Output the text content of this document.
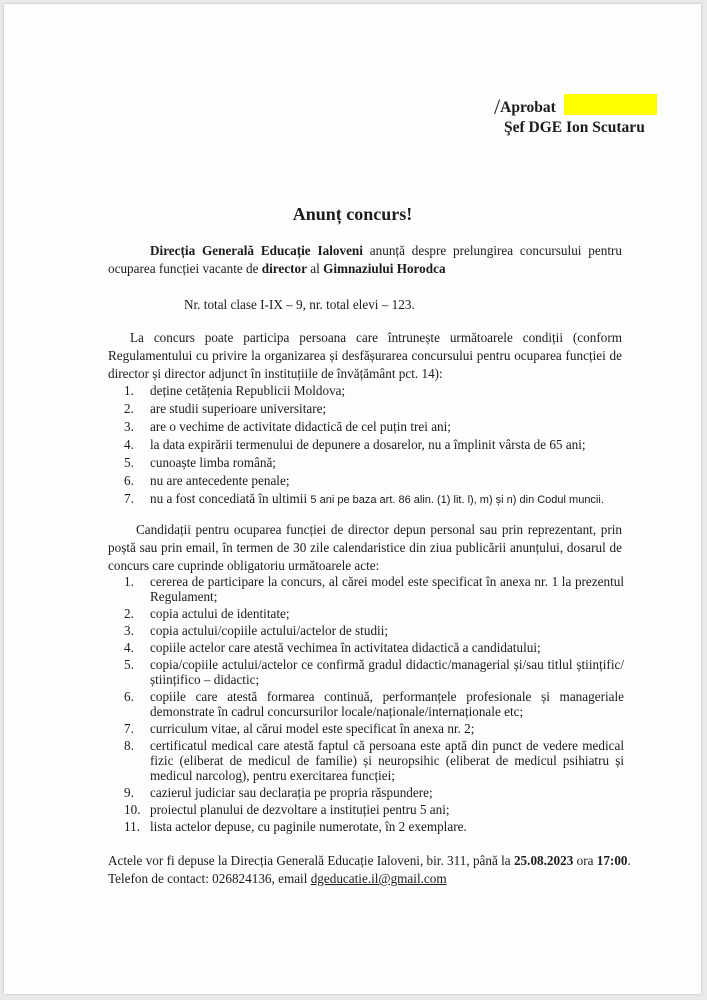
/Aprobat
Şef DGE Ion Scutaru
Anunț concurs!
Direcția Generală Educație Ialoveni anunță despre prelungirea concursului pentru ocuparea funcției vacante de director al Gimnaziului Horodca
Nr. total clase I-IX – 9, nr. total elevi – 123.
La concurs poate participa persoana care întrunește următoarele condiții (conform Regulamentului cu privire la organizarea și desfășurarea concursului pentru ocuparea funcției de director și director adjunct în instituțiile de învățământ pct. 14):
1. deține cetățenia Republicii Moldova;
2. are studii superioare universitare;
3. are o vechime de activitate didactică de cel puțin trei ani;
4. la data expirării termenului de depunere a dosarelor, nu a împlinit vârsta de 65 ani;
5. cunoaște limba română;
6. nu are antecedente penale;
7. nu a fost concediată în ultimii 5 ani pe baza art. 86 alin. (1) lit. l), m) și n) din Codul muncii.
Candidații pentru ocuparea funcției de director depun personal sau prin reprezentant, prin poștă sau prin email, în termen de 30 zile calendaristice din ziua publicării anunțului, dosarul de concurs care cuprinde obligatoriu următoarele acte:
1.	cererea de participare la concurs, al cărei model este specificat în anexa nr. 1 la prezentul Regulament;
2.	copia actului de identitate;
3.	copia actului/copiile actului/actelor de studii;
4.	copiile actelor care atestă vechimea în activitatea didactică a candidatului;
5.	copia/copiile actului/actelor ce confirmă gradul didactic/managerial și/sau titlul științific/științifico – didactic;
6.	copiile care atestă formarea continuă, performanțele profesionale și manageriale demonstrate în cadrul concursurilor locale/naționale/internaționale etc;
7.	curriculum vitae, al cărui model este specificat în anexa nr. 2;
8.	certificatul medical care atestă faptul că persoana este aptă din punct de vedere medical fizic (eliberat de medicul de familie) și neuropsihic (eliberat de medicul psihiatru și medicul narcolog), pentru exercitarea funcției;
9.	cazierul judiciar sau declarația pe propria răspundere;
10. proiectul planului de dezvoltare a instituției pentru 5 ani;
11. lista actelor depuse, cu paginile numerotate, în 2 exemplare.
Actele vor fi depuse la Direcția Generală Educație Ialoveni, bir. 311, până la 25.08.2023 ora 17:00.
Telefon de contact: 026824136, email dgeducatie.il@gmail.com
